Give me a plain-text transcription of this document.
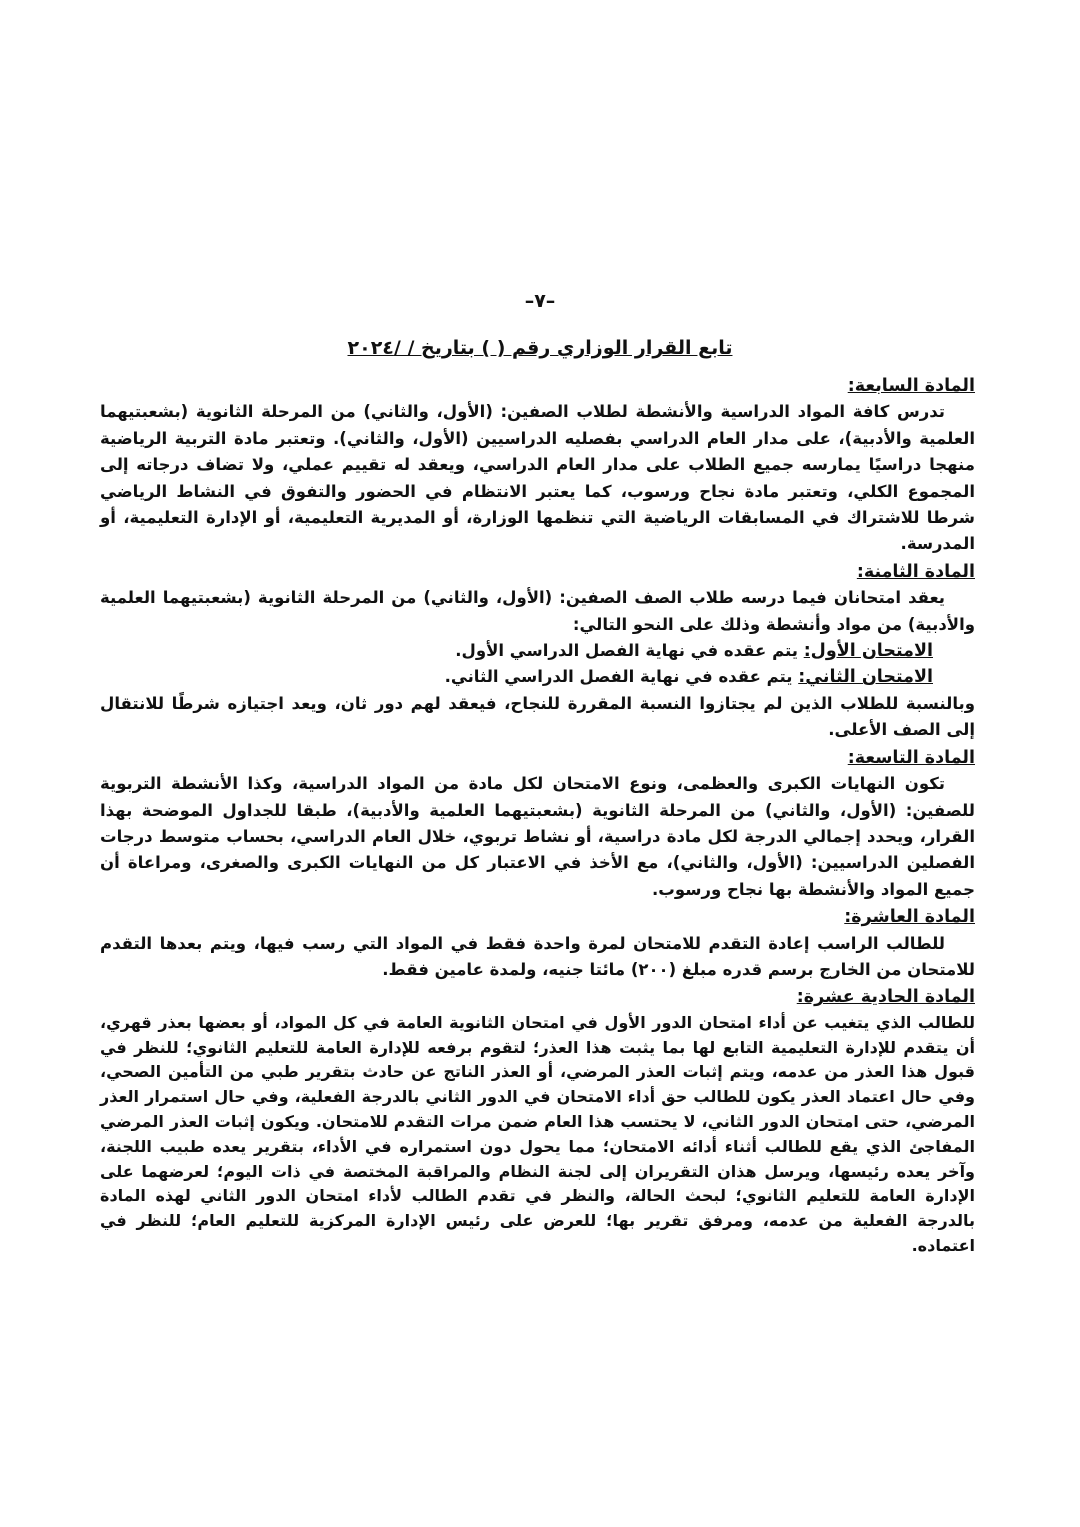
–٧–
تابع القرار الوزاري رقم ( ) بتاريخ / /٢٠٢٤
المادة السابعة:

تدرس كافة المواد الدراسية والأنشطة لطلاب الصفين: (الأول، والثاني) من المرحلة الثانوية (بشعبتيهما العلمية والأدبية)، على مدار العام الدراسي بفصليه الدراسيين (الأول، والثاني). وتعتبر مادة التربية الرياضية منهجا دراسيًا يمارسه جميع الطلاب على مدار العام الدراسي، ويعقد له تقييم عملي، ولا تضاف درجاته إلى المجموع الكلي، وتعتبر مادة نجاح ورسوب، كما يعتبر الانتظام في الحضور والتفوق في النشاط الرياضي شرطا للاشتراك في المسابقات الرياضية التي تنظمها الوزارة، أو المديرية التعليمية، أو الإدارة التعليمية، أو المدرسة.

المادة الثامنة:

يعقد امتحانان فيما درسه طلاب الصف الصفين: (الأول، والثاني) من المرحلة الثانوية (بشعبتيهما العلمية والأدبية) من مواد وأنشطة وذلك على النحو التالي:

الامتحان الأول: يتم عقده في نهاية الفصل الدراسي الأول.

الامتحان الثاني: يتم عقده في نهاية الفصل الدراسي الثاني.

وبالنسبة للطلاب الذين لم يجتازوا النسبة المقررة للنجاح، فيعقد لهم دور ثان، ويعد اجتيازه شرطًا للانتقال إلى الصف الأعلى.

المادة التاسعة:

تكون النهايات الكبرى والعظمى، ونوع الامتحان لكل مادة من المواد الدراسية، وكذا الأنشطة التربوية للصفين: (الأول، والثاني) من المرحلة الثانوية (بشعبتيهما العلمية والأدبية)، طبقا للجداول الموضحة بهذا القرار، ويحدد إجمالي الدرجة لكل مادة دراسية، أو نشاط تربوي، خلال العام الدراسي، بحساب متوسط درجات الفصلين الدراسيين: (الأول، والثاني)، مع الأخذ في الاعتبار كل من النهايات الكبرى والصغرى، ومراعاة أن جميع المواد والأنشطة بها نجاح ورسوب.

المادة العاشرة:

للطالب الراسب إعادة التقدم للامتحان لمرة واحدة فقط في المواد التي رسب فيها، ويتم بعدها التقدم للامتحان من الخارج برسم قدره مبلغ (٢٠٠) مائتا جنيه، ولمدة عامين فقط.

المادة الحادية عشرة:

للطالب الذي يتغيب عن أداء امتحان الدور الأول في امتحان الثانوية العامة في كل المواد، أو بعضها بعذر قهري، أن يتقدم للإدارة التعليمية التابع لها بما يثبت هذا العذر؛ لتقوم برفعه للإدارة العامة للتعليم الثانوي؛ للنظر في قبول هذا العذر من عدمه، ويتم إثبات العذر المرضي، أو العذر الناتج عن حادث بتقرير طبي من التأمين الصحي، وفي حال اعتماد العذر يكون للطالب حق أداء الامتحان في الدور الثاني بالدرجة الفعلية، وفي حال استمرار العذر المرضي، حتى امتحان الدور الثاني، لا يحتسب هذا العام ضمن مرات التقدم للامتحان. ويكون إثبات العذر المرضي المفاجئ الذي يقع للطالب أثناء أدائه الامتحان؛ مما يحول دون استمراره في الأداء، بتقرير يعده طبيب اللجنة، وآخر يعده رئيسها، ويرسل هذان التقريران إلى لجنة النظام والمراقبة المختصة في ذات اليوم؛ لعرضهما على الإدارة العامة للتعليم الثانوي؛ لبحث الحالة، والنظر في تقدم الطالب لأداء امتحان الدور الثاني لهذه المادة بالدرجة الفعلية من عدمه، ومرفق تقرير بها؛ للعرض على رئيس الإدارة المركزية للتعليم العام؛ للنظر في اعتماده.
